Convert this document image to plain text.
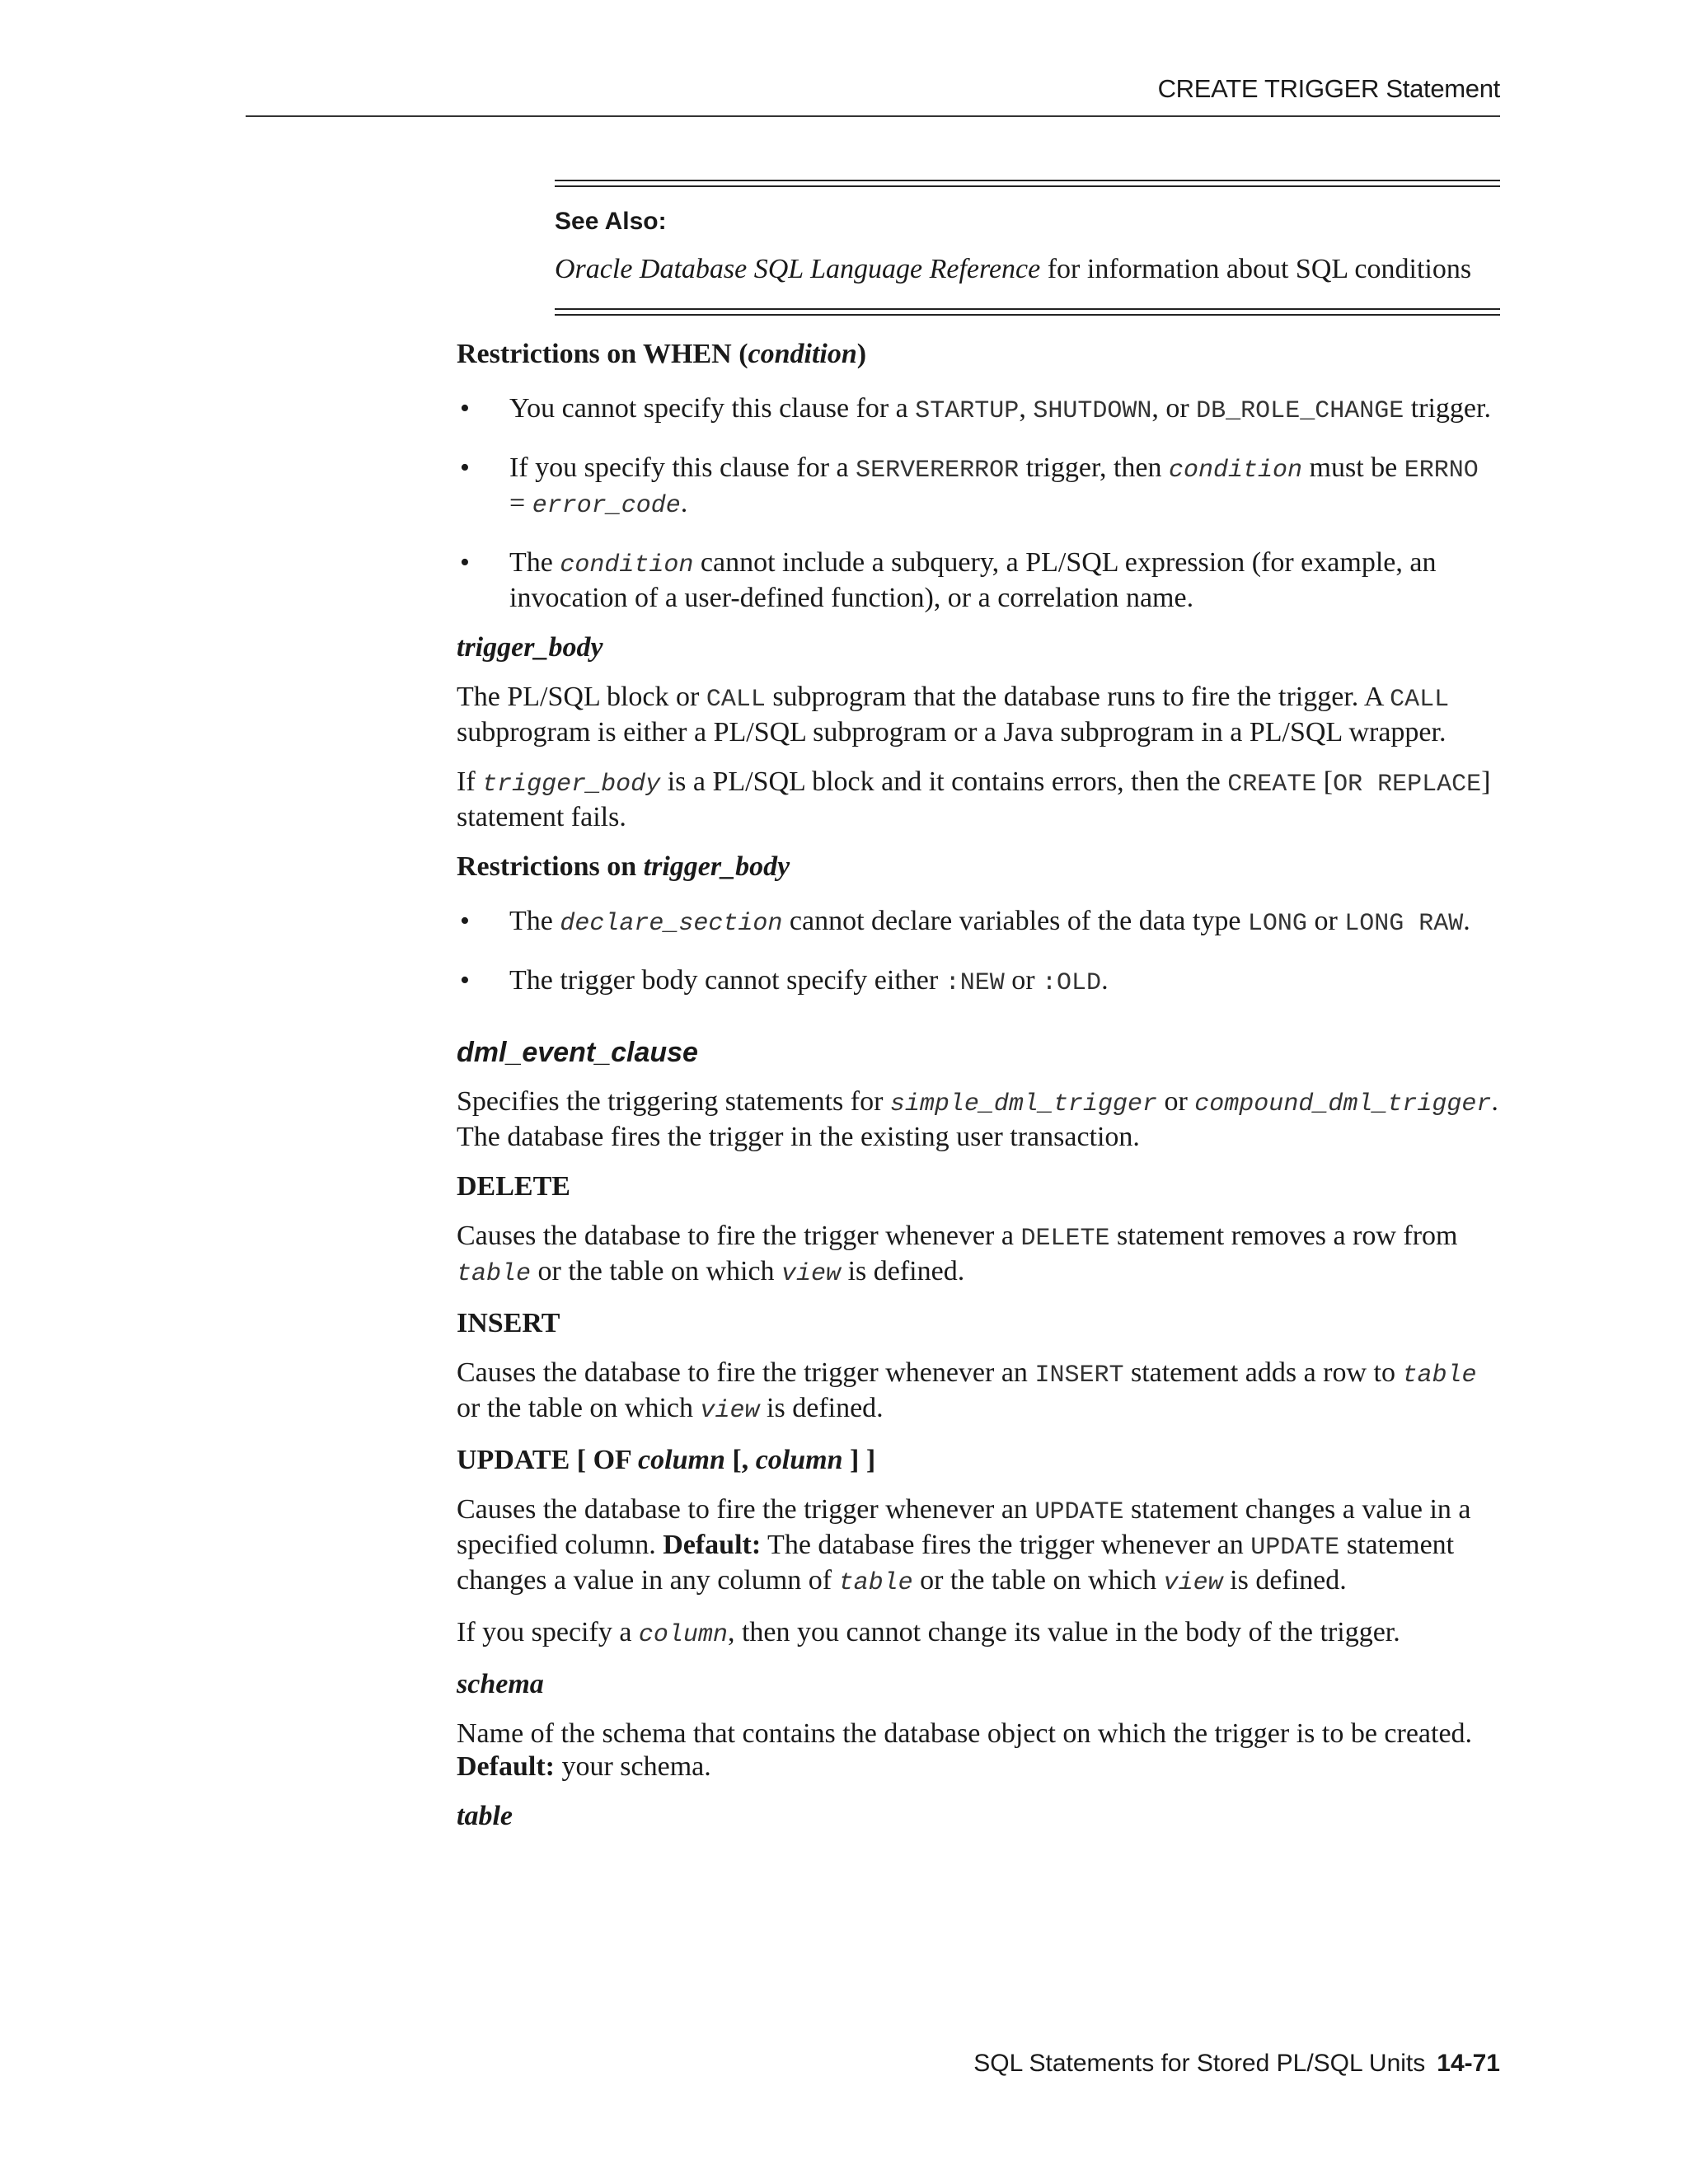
CREATE TRIGGER Statement
See Also:
Oracle Database SQL Language Reference for information about SQL conditions

Restrictions on WHEN (condition)

• You cannot specify this clause for a STARTUP, SHUTDOWN, or DB_ROLE_CHANGE trigger.
• If you specify this clause for a SERVERERROR trigger, then condition must be ERRNO = error_code.
• The condition cannot include a subquery, a PL/SQL expression (for example, an invocation of a user-defined function), or a correlation name.

trigger_body

The PL/SQL block or CALL subprogram that the database runs to fire the trigger. A CALL subprogram is either a PL/SQL subprogram or a Java subprogram in a PL/SQL wrapper.

If trigger_body is a PL/SQL block and it contains errors, then the CREATE [OR REPLACE] statement fails.

Restrictions on trigger_body

• The declare_section cannot declare variables of the data type LONG or LONG RAW.
• The trigger body cannot specify either :NEW or :OLD.

dml_event_clause

Specifies the triggering statements for simple_dml_trigger or compound_dml_trigger. The database fires the trigger in the existing user transaction.

DELETE

Causes the database to fire the trigger whenever a DELETE statement removes a row from table or the table on which view is defined.

INSERT

Causes the database to fire the trigger whenever an INSERT statement adds a row to table or the table on which view is defined.

UPDATE [ OF column [, column ] ]

Causes the database to fire the trigger whenever an UPDATE statement changes a value in a specified column. Default: The database fires the trigger whenever an UPDATE statement changes a value in any column of table or the table on which view is defined.

If you specify a column, then you cannot change its value in the body of the trigger.

schema

Name of the schema that contains the database object on which the trigger is to be created. Default: your schema.

table

SQL Statements for Stored PL/SQL Units 14-71
